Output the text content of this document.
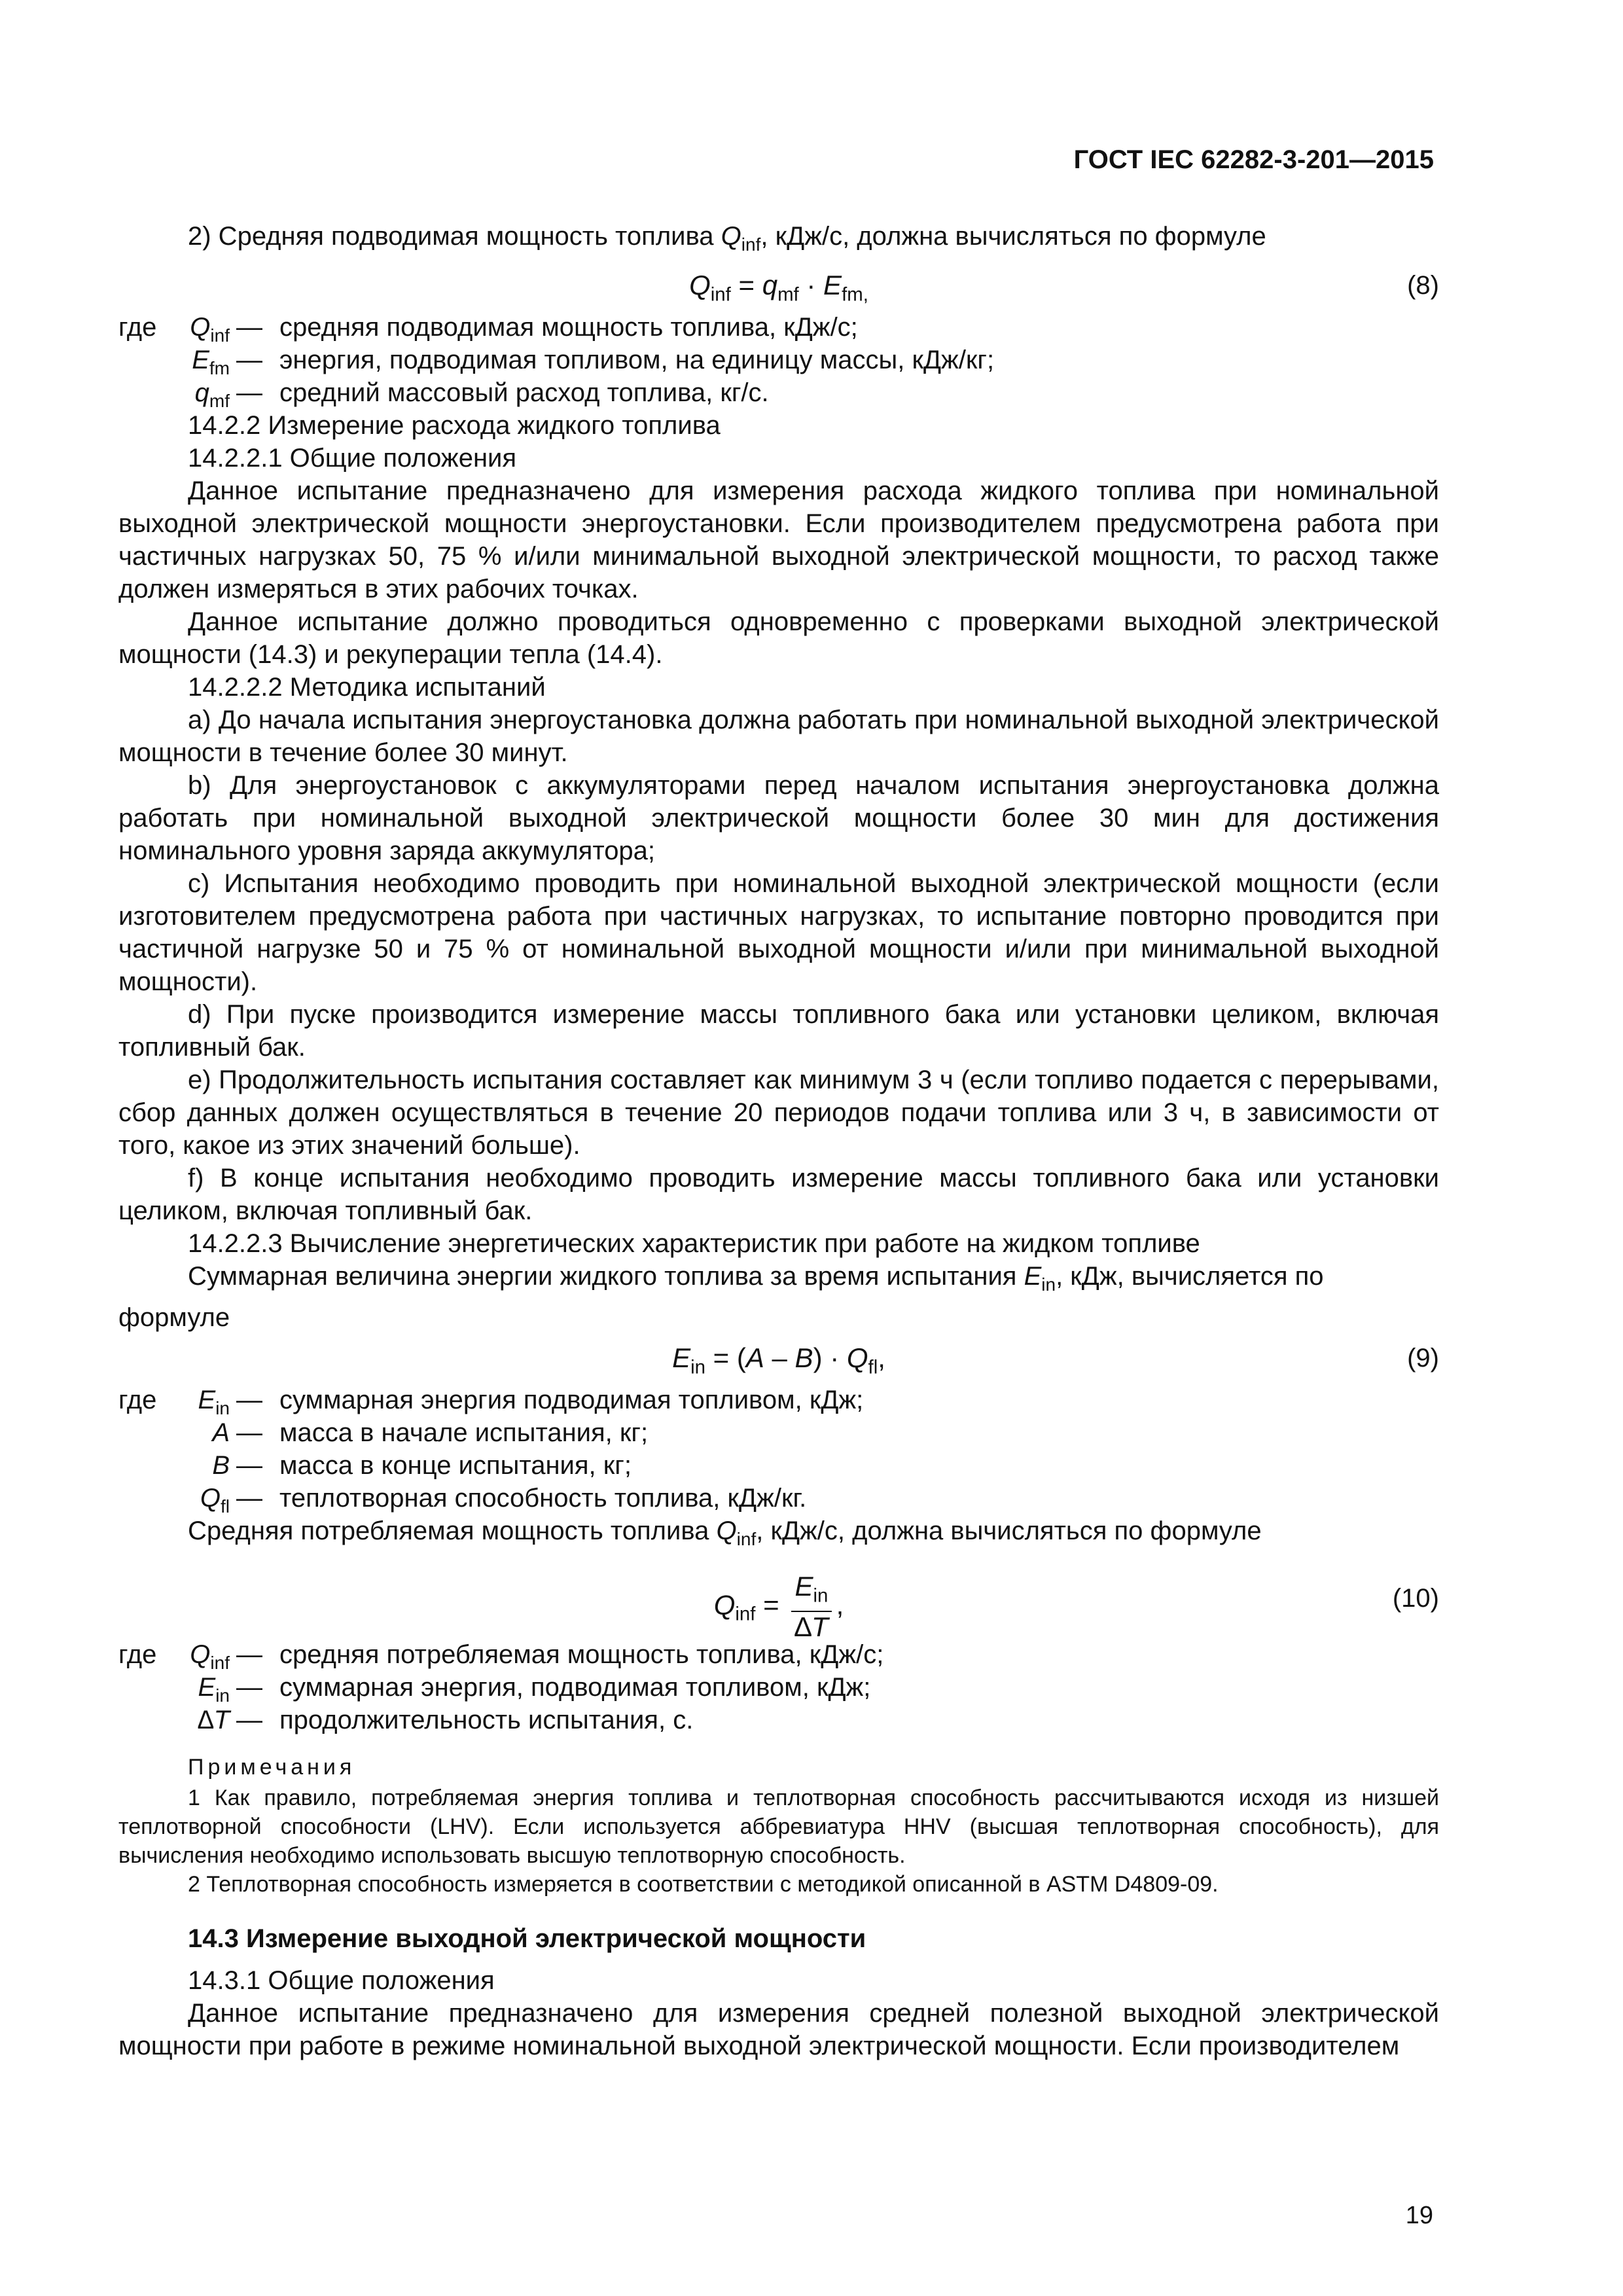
ГОСТ IEC 62282-3-201—2015

2) Средняя подводимая мощность топлива $Q_{inf}$, кДж/с, должна вычисляться по формуле

$Q_{inf} = q_{mf} \cdot E_{fm,}$	(8)
где	$Q_{inf}$ — средняя подводимая мощность топлива, кДж/с;
$E_{fm}$ — энергия, подводимая топливом, на единицу массы, кДж/кг;
$q_{mf}$ — средний массовый расход топлива, кг/с.

14.2.2 Измерение расхода жидкого топлива

14.2.2.1 Общие положения

Данное испытание предназначено для измерения расхода жидкого топлива при номинальной выходной электрической мощности энергоустановки. Если производителем предусмотрена работа при частичных нагрузках 50, 75 % и/или минимальной выходной электрической мощности, то расход также должен измеряться в этих рабочих точках.

Данное испытание должно проводиться одновременно с проверками выходной электрической мощности (14.3) и рекуперации тепла (14.4).

14.2.2.2 Методика испытаний

a) До начала испытания энергоустановка должна работать при номинальной выходной электрической мощности в течение более 30 минут.

b) Для энергоустановок с аккумуляторами перед началом испытания энергоустановка должна работать при номинальной выходной электрической мощности более 30 мин для достижения номинального уровня заряда аккумулятора;

c) Испытания необходимо проводить при номинальной выходной электрической мощности (если изготовителем предусмотрена работа при частичных нагрузках, то испытание повторно проводится при частичной нагрузке 50 и 75 % от номинальной выходной мощности и/или при минимальной выходной мощности).

d) При пуске производится измерение массы топливного бака или установки целиком, включая топливный бак.

e) Продолжительность испытания составляет как минимум 3 ч (если топливо подается с перерывами, сбор данных должен осуществляться в течение 20 периодов подачи топлива или 3 ч, в зависимости от того, какое из этих значений больше).

f) В конце испытания необходимо проводить измерение массы топливного бака или установки целиком, включая топливный бак.

14.2.2.3 Вычисление энергетических характеристик при работе на жидком топливе

Суммарная величина энергии жидкого топлива за время испытания $E_{in}$, кДж, вычисляется по формуле

$E_{in} = (A - B) \cdot Q_{fl}$,	(9)
где	$E_{in}$ — суммарная энергия подводимая топливом, кДж;
A — масса в начале испытания, кг;
B — масса в конце испытания, кг;
$Q_{fl}$ — теплотворная способность топлива, кДж/кг.

Средняя потребляемая мощность топлива $Q_{inf}$, кДж/с, должна вычисляться по формуле

$Q_{inf} = \frac{E_{in}}{\Delta T}$ ,	(10)
где	$Q_{inf}$ — средняя потребляемая мощность топлива, кДж/с;
$E_{in}$ — суммарная энергия, подводимая топливом, кДж;
∆T — продолжительность испытания, с.
Примечания

1 Как правило, потребляемая энергия топлива и теплотворная способность рассчитываются исходя из низшей теплотворной способности (LHV). Если используется аббревиатура HHV (высшая теплотворная способность), для вычисления необходимо использовать высшую теплотворную способность.

2 Теплотворная способность измеряется в соответствии с методикой описанной в ASTM D4809-09.

14.3 Измерение выходной электрической мощности

14.3.1 Общие положения

Данное испытание предназначено для измерения средней полезной выходной электрической мощности при работе в режиме номинальной выходной электрической мощности. Если производителем

19
